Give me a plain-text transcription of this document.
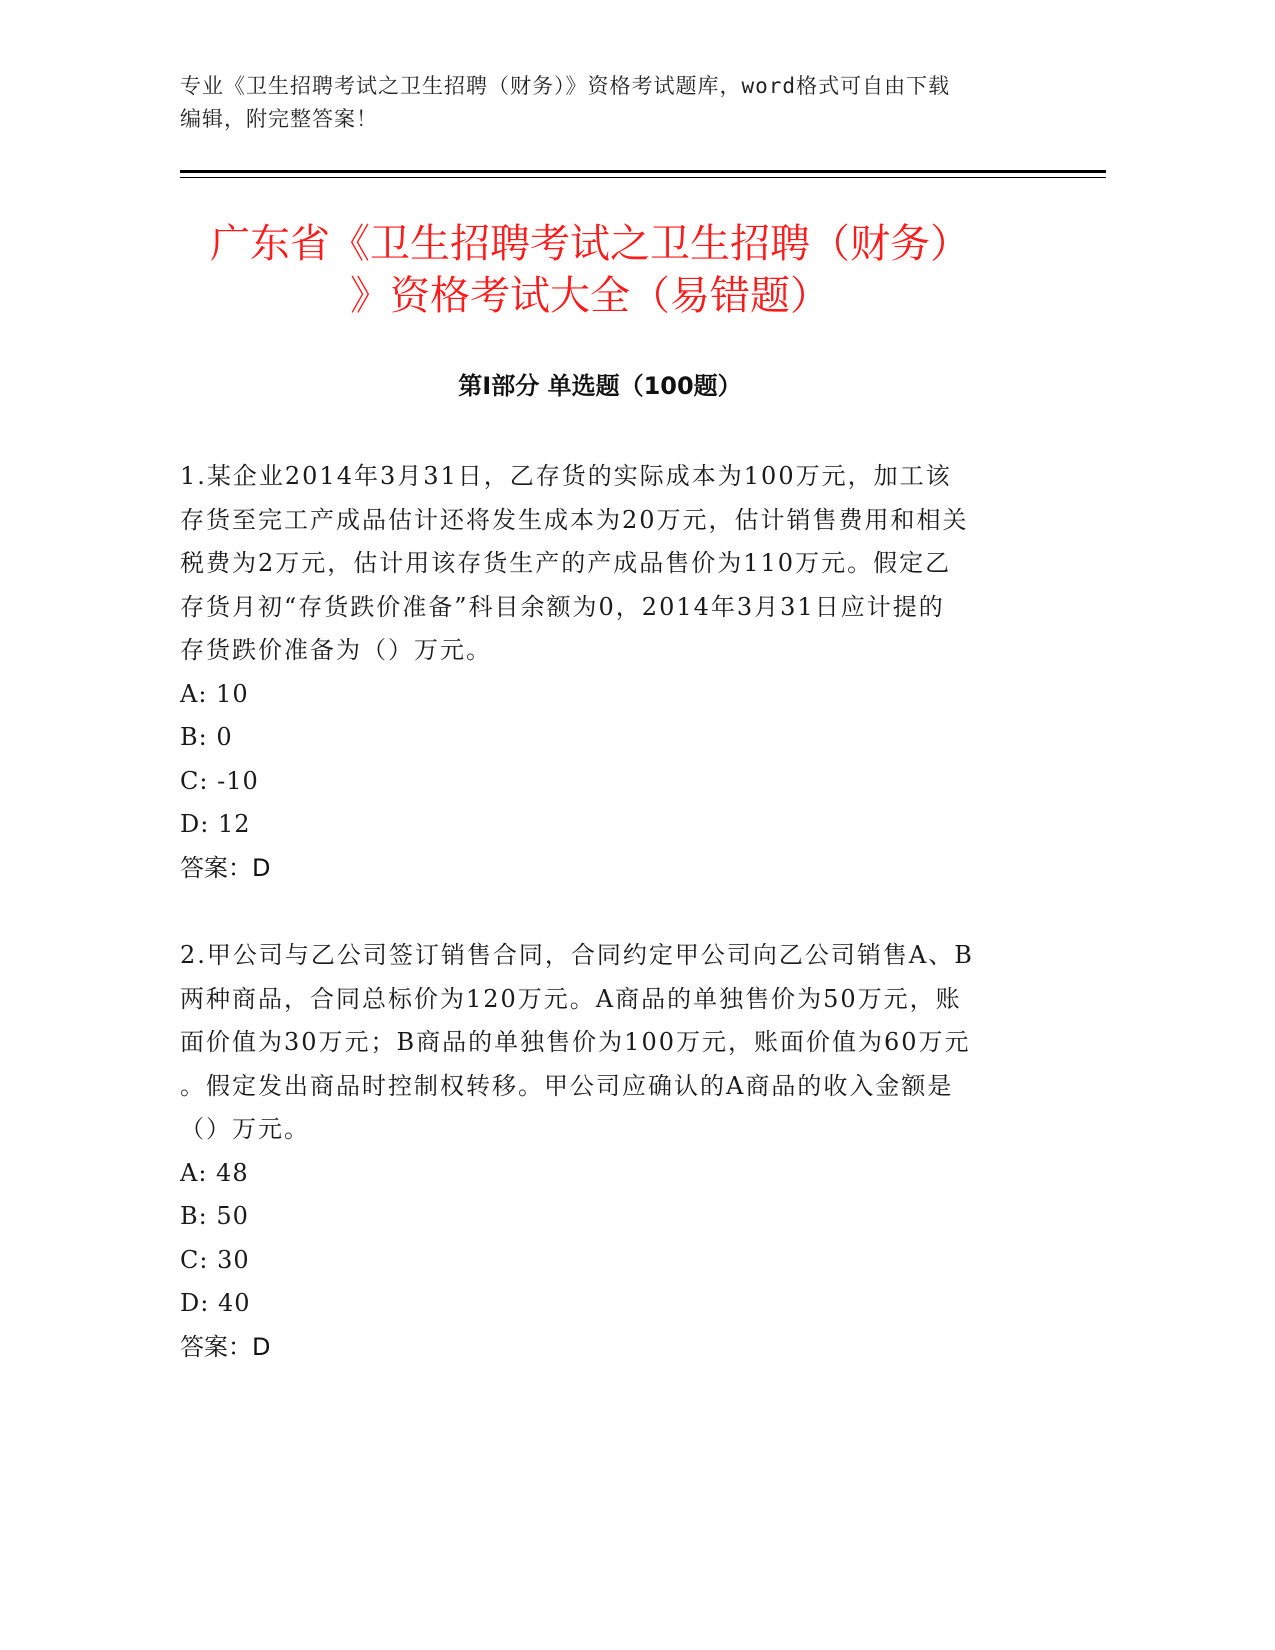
专业《卫生招聘考试之卫生招聘（财务）》资格考试题库，word格式可自由下载
编辑，附完整答案！
广东省《卫生招聘考试之卫生招聘（财务）
》资格考试大全（易错题）
第Ⅰ部分 单选题（100题）
1.某企业2014年3月31日，乙存货的实际成本为100万元，加工该
存货至完工产成品估计还将发生成本为20万元，估计销售费用和相关
税费为2万元，估计用该存货生产的产成品售价为110万元。假定乙
存货月初“存货跌价准备”科目余额为0，2014年3月31日应计提的
存货跌价准备为（）万元。
A: 10
B: 0
C: -10
D: 12
答案：D
2.甲公司与乙公司签订销售合同，合同约定甲公司向乙公司销售A、B
两种商品，合同总标价为120万元。A商品的单独售价为50万元，账
面价值为30万元；B商品的单独售价为100万元，账面价值为60万元
。假定发出商品时控制权转移。甲公司应确认的A商品的收入金额是
（）万元。
A: 48
B: 50
C: 30
D: 40
答案：D
